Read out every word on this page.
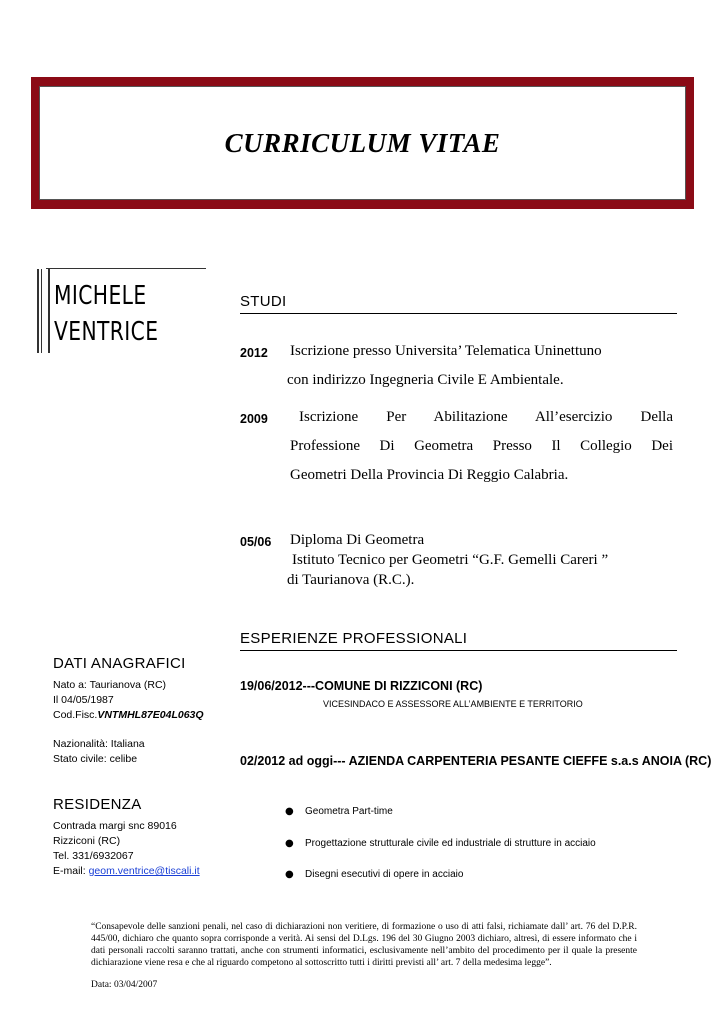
CURRICULUM VITAE
MICHELE
VENTRICE
STUDI
2012 Iscrizione presso Universita’ Telematica Uninettuno
con indirizzo Ingegneria Civile E Ambientale.
2009 Iscrizione Per Abilitazione All’esercizio Della
Professione Di Geometra Presso Il Collegio Dei
Geometri Della Provincia Di Reggio Calabria.
05/06 Diploma Di Geometra
Istituto Tecnico per Geometri “G.F. Gemelli Careri ”
di Taurianova (R.C.).
ESPERIENZE PROFESSIONALI
19/06/2012---COMUNE DI RIZZICONI (RC)
VICESINDACO E ASSESSORE ALL’AMBIENTE E TERRITORIO
02/2012 ad oggi--- AZIENDA CARPENTERIA PESANTE CIEFFE s.a.s ANOIA (RC)
● Geometra Part-time
● Progettazione strutturale civile ed industriale di strutture in acciaio
● Disegni esecutivi di opere in acciaio
DATI ANAGRAFICI
Nato a: Taurianova (RC)
Il 04/05/1987
Cod.Fisc.VNTMHL87E04L063Q
Nazionalità: Italiana
Stato civile: celibe
RESIDENZA
Contrada margi snc 89016
Rizziconi (RC)
Tel. 331/6932067
E-mail: geom.ventrice@tiscali.it
“Consapevole delle sanzioni penali, nel caso di dichiarazioni non veritiere, di formazione o uso di atti falsi, richiamate dall’ art. 76 del D.P.R. 445/00, dichiaro che quanto sopra corrisponde a verità. Ai sensi del D.Lgs. 196 del 30 Giugno 2003 dichiaro, altresì, di essere informato che i dati personali raccolti saranno trattati, anche con strumenti informatici, esclusivamente nell’ambito del procedimento per il quale la presente dichiarazione viene resa e che al riguardo competono al sottoscritto tutti i diritti previsti all’ art. 7 della medesima legge”.
Data: 03/04/2007
